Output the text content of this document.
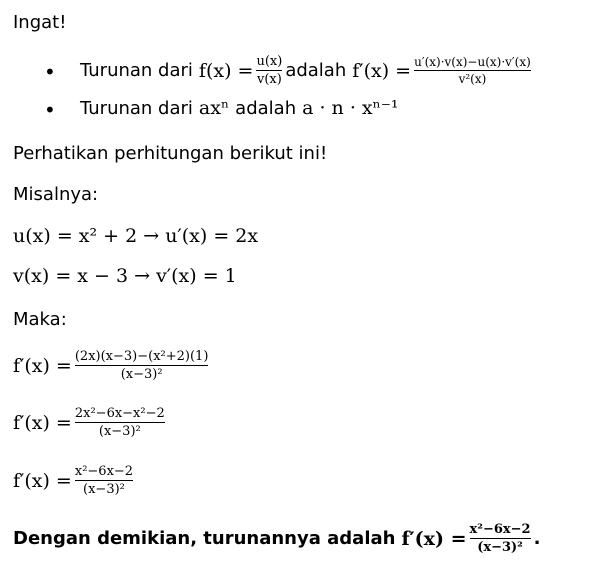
Ingat!
• Turunan dari $f(x) = \frac{u(x)}{v(x)}$ adalah $f'(x) = \frac{u'(x)\cdot v(x)-u(x)\cdot v'(x)}{\text{v²(x)}}$
• Turunan dari axⁿ adalah a · n · xⁿ⁻¹
Perhatikan perhitungan berikut ini!
Misalnya:
u(x) = x² + 2 → u′(x) = 2x
v(x) = x − 3 → v′(x) = 1
Maka:
$f'(x) = \frac{\text{(2x)(x−3)−(x²+2)(1)}}{\text{(x−3)²}}$
$f'(x) = \frac{\text{2x²−6x−x²−2}}{\text{(x−3)²}}$
$f'(x) = \frac{\text{x²−6x−2}}{\text{(x−3)²}}$
Dengan demikian, turunannya adalah $f'(x) = \frac{\text{x²−6x−2}}{\text{(x−3)²}}$ .
